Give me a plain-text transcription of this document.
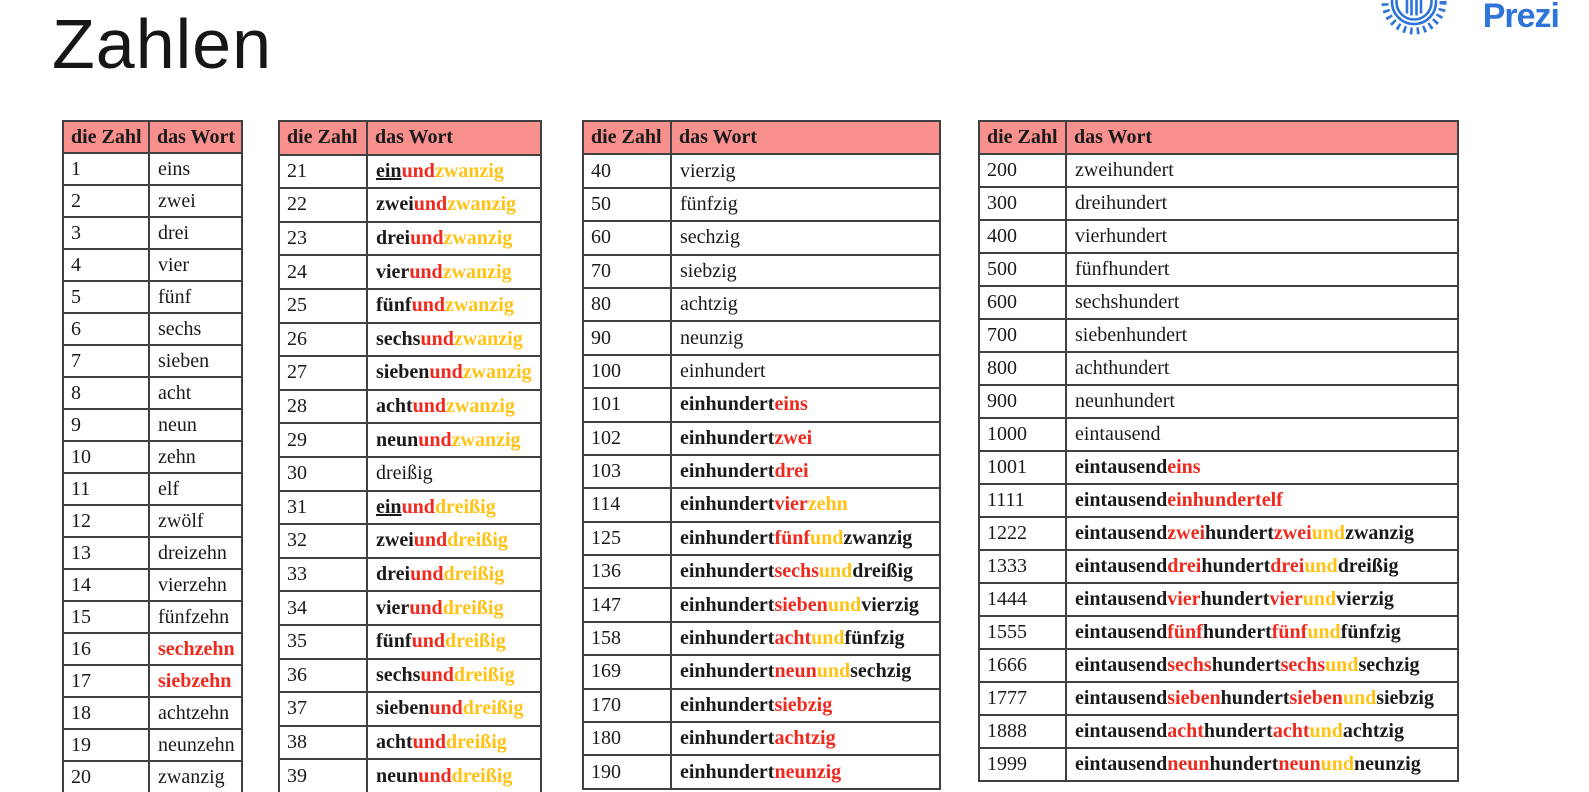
Zahlen	Prezi
die Zahl	das Wort
1	eins
2	zwei
3	drei
4	vier
5	fünf
6	sechs
7	sieben
8	acht
9	neun
10	zehn
11	elf
12	zwölf
13	dreizehn
14	vierzehn
15	fünfzehn
16	sechzehn
17	siebzehn
18	achtzehn
19	neunzehn
20	zwanzig
die Zahl	das Wort
21	einundzwanzig
22	zweiundzwanzig
23	dreiundzwanzig
24	vierundzwanzig
25	fünfundzwanzig
26	sechsundzwanzig
27	siebenundzwanzig
28	achtundzwanzig
29	neunundzwanzig
30	dreißig
31	einunddreißig
32	zweiunddreißig
33	dreiunddreißig
34	vierunddreißig
35	fünfunddreißig
36	sechsunddreißig
37	siebenunddreißig
38	achtunddreißig
39	neununddreißig
die Zahl	das Wort
40	vierzig
50	fünfzig
60	sechzig
70	siebzig
80	achtzig
90	neunzig
100	einhundert
101	einhunderteins
102	einhundertzwei
103	einhundertdrei
114	einhundertvierzehn
125	einhundertfünfundzwanzig
136	einhundertsechsunddreißig
147	einhundertsiebenundvierzig
158	einhundertachtundfünfzig
169	einhundertneunundsechzig
170	einhundertsiebzig
180	einhundertachtzig
190	einhundertneunzig
die Zahl	das Wort
200	zweihundert
300	dreihundert
400	vierhundert
500	fünfhundert
600	sechshundert
700	siebenhundert
800	achthundert
900	neunhundert
1000	eintausend
1001	eintausendeins
1111	eintausendeinhundertelf
1222	eintausendzweihundertzweiundzwanzig
1333	eintausenddreihundertdreiunddreißig
1444	eintausendvierhundertvierundvierzig
1555	eintausendfünfhundertfünfundfünfzig
1666	eintausendsechshundertsechsundsechzig
1777	eintausendsiebenhundertsiebenundsiebzig
1888	eintausendachthundertachtundachtzig
1999	eintausendneunhundertneunundneunzig
